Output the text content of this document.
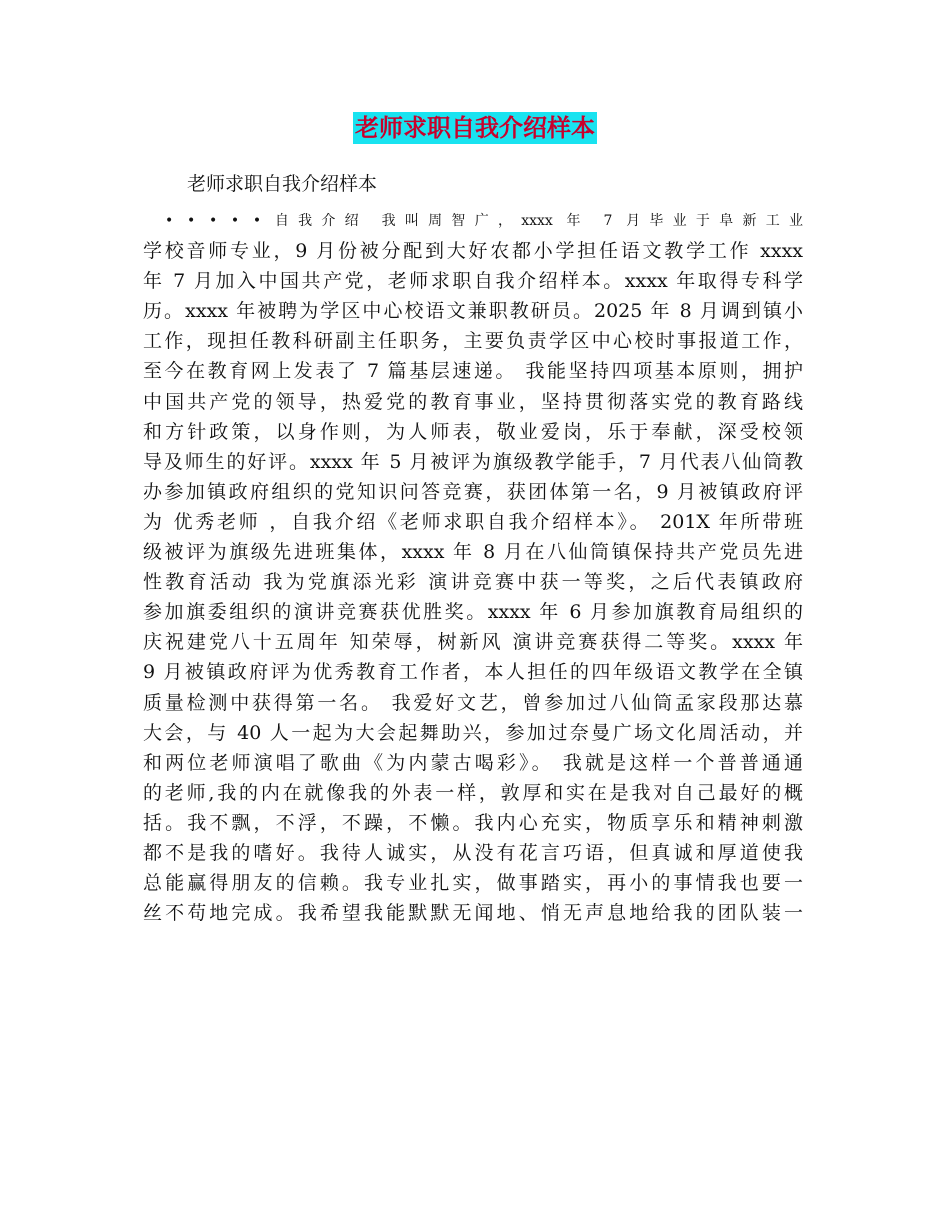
老师求职自我介绍样本
老师求职自我介绍样本
• • • • • 自我介绍 我叫周智广，xxxx 年 7 月毕业于阜新工业
学校音师专业，9 月份被分配到大好农都小学担任语文教学工作 xxxx
年 7 月加入中国共产党，老师求职自我介绍样本。xxxx 年取得专科学
历。xxxx 年被聘为学区中心校语文兼职教研员。2025 年 8 月调到镇小
工作，现担任教科研副主任职务，主要负责学区中心校时事报道工作，
至今在教育网上发表了 7 篇基层速递。 我能坚持四项基本原则，拥护
中国共产党的领导，热爱党的教育事业，坚持贯彻落实党的教育路线
和方针政策，以身作则，为人师表，敬业爱岗，乐于奉献，深受校领
导及师生的好评。xxxx 年 5 月被评为旗级教学能手，7 月代表八仙筒教
办参加镇政府组织的党知识问答竞赛，获团体第一名，9 月被镇政府评
为 优秀老师 ，自我介绍《老师求职自我介绍样本》。 201X 年所带班
级被评为旗级先进班集体，xxxx 年 8 月在八仙筒镇保持共产党员先进
性教育活动 我为党旗添光彩 演讲竞赛中获一等奖，之后代表镇政府
参加旗委组织的演讲竞赛获优胜奖。xxxx 年 6 月参加旗教育局组织的
庆祝建党八十五周年 知荣辱，树新风 演讲竞赛获得二等奖。xxxx 年
9 月被镇政府评为优秀教育工作者，本人担任的四年级语文教学在全镇
质量检测中获得第一名。 我爱好文艺，曾参加过八仙筒孟家段那达慕
大会，与 40 人一起为大会起舞助兴，参加过奈曼广场文化周活动，并
和两位老师演唱了歌曲《为内蒙古喝彩》。 我就是这样一个普普通通
的老师,我的内在就像我的外表一样，敦厚和实在是我对自己最好的概
括。我不飘，不浮，不躁，不懒。我内心充实，物质享乐和精神刺激
都不是我的嗜好。我待人诚实，从没有花言巧语，但真诚和厚道使我
总能赢得朋友的信赖。我专业扎实，做事踏实，再小的事情我也要一
丝不苟地完成。我希望我能默默无闻地、悄无声息地给我的团队装一
